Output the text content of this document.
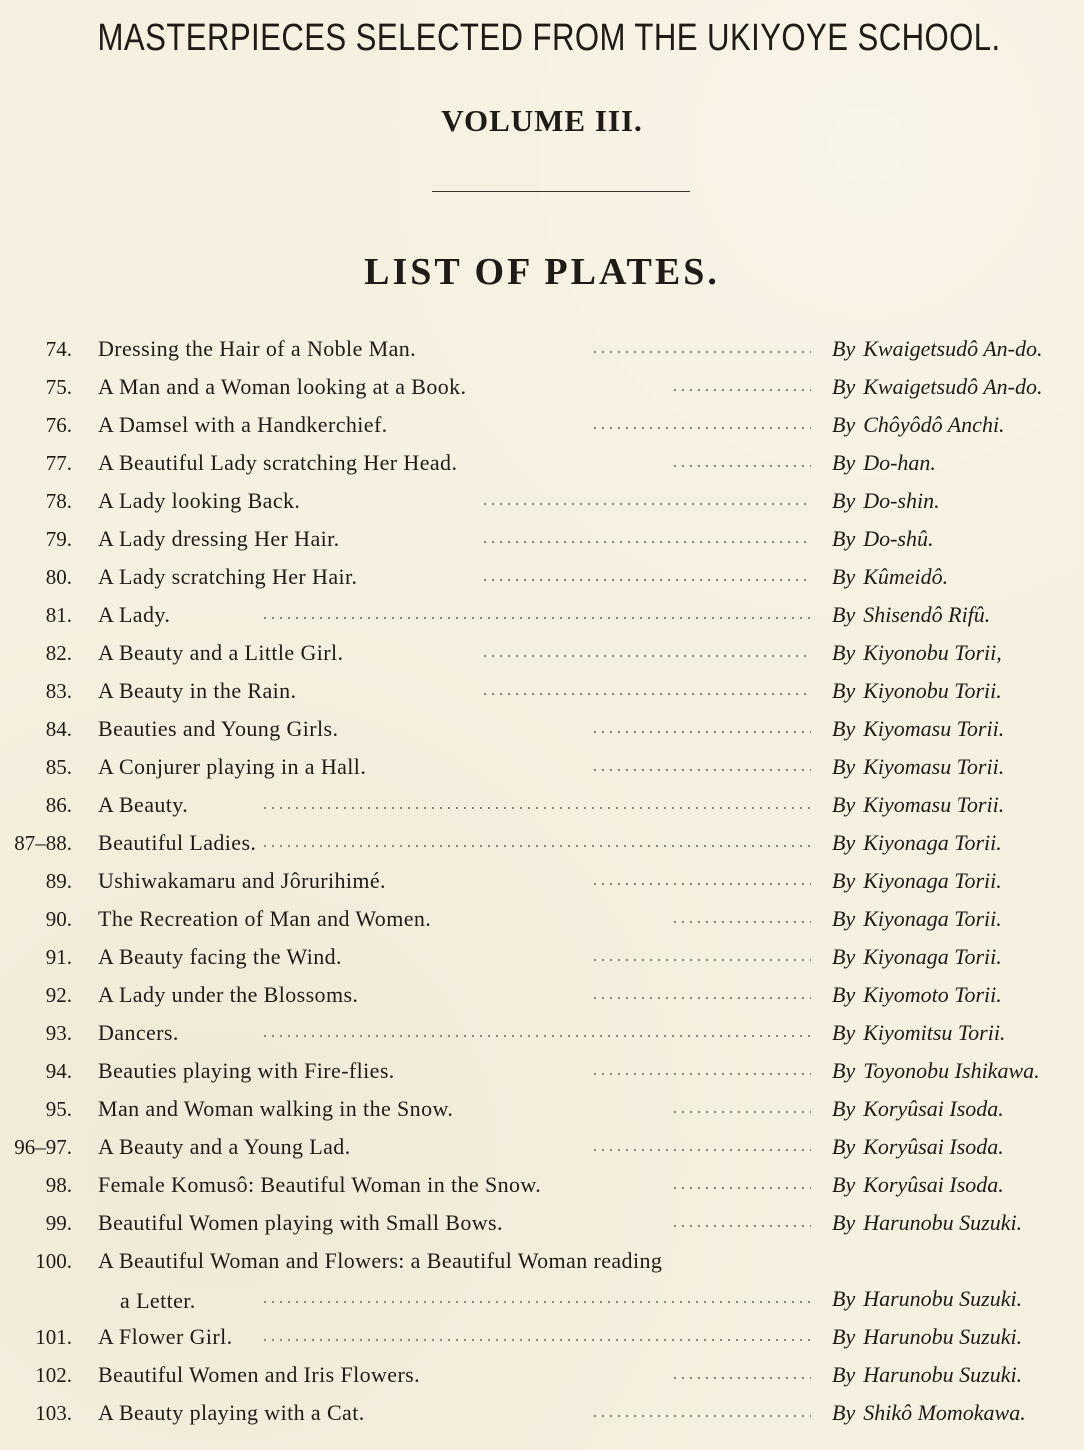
MASTERPIECES SELECTED FROM THE UKIYOYE SCHOOL.
VOLUME III.
LIST OF PLATES.
74. Dressing the Hair of a Noble Man.	By Kwaigetsudô An-do.
75. A Man and a Woman looking at a Book.	By Kwaigetsudô An-do.
76. A Damsel with a Handkerchief.	By Chôyôdô Anchi.
77. A Beautiful Lady scratching Her Head.	By Do-han.
78. A Lady looking Back.	By Do-shin.
79. A Lady dressing Her Hair.	By Do-shû.
80. A Lady scratching Her Hair.	By Kûmeidô.
81. A Lady.	By Shisendô Rifû.
82. A Beauty and a Little Girl.	By Kiyonobu Torii,
83. A Beauty in the Rain.	By Kiyonobu Torii.
84. Beauties and Young Girls.	By Kiyomasu Torii.
85. A Conjurer playing in a Hall.	By Kiyomasu Torii.
86. A Beauty.	By Kiyomasu Torii.
87–88. Beautiful Ladies.	By Kiyonaga Torii.
89. Ushiwakamaru and Jôrurihimé.	By Kiyonaga Torii.
90. The Recreation of Man and Women.	By Kiyonaga Torii.
91. A Beauty facing the Wind.	By Kiyonaga Torii.
92. A Lady under the Blossoms.	By Kiyomoto Torii.
93. Dancers.	By Kiyomitsu Torii.
94. Beauties playing with Fire-flies.	By Toyonobu Ishikawa.
95. Man and Woman walking in the Snow.	By Koryûsai Isoda.
96–97. A Beauty and a Young Lad.	By Koryûsai Isoda.
98. Female Komusô: Beautiful Woman in the Snow.	By Koryûsai Isoda.
99. Beautiful Women playing with Small Bows.	By Harunobu Suzuki.
100. A Beautiful Woman and Flowers: a Beautiful Woman reading
a Letter.	By Harunobu Suzuki.
101. A Flower Girl.	By Harunobu Suzuki.
102. Beautiful Women and Iris Flowers.	By Harunobu Suzuki.
103. A Beauty playing with a Cat.	By Shikô Momokawa.
